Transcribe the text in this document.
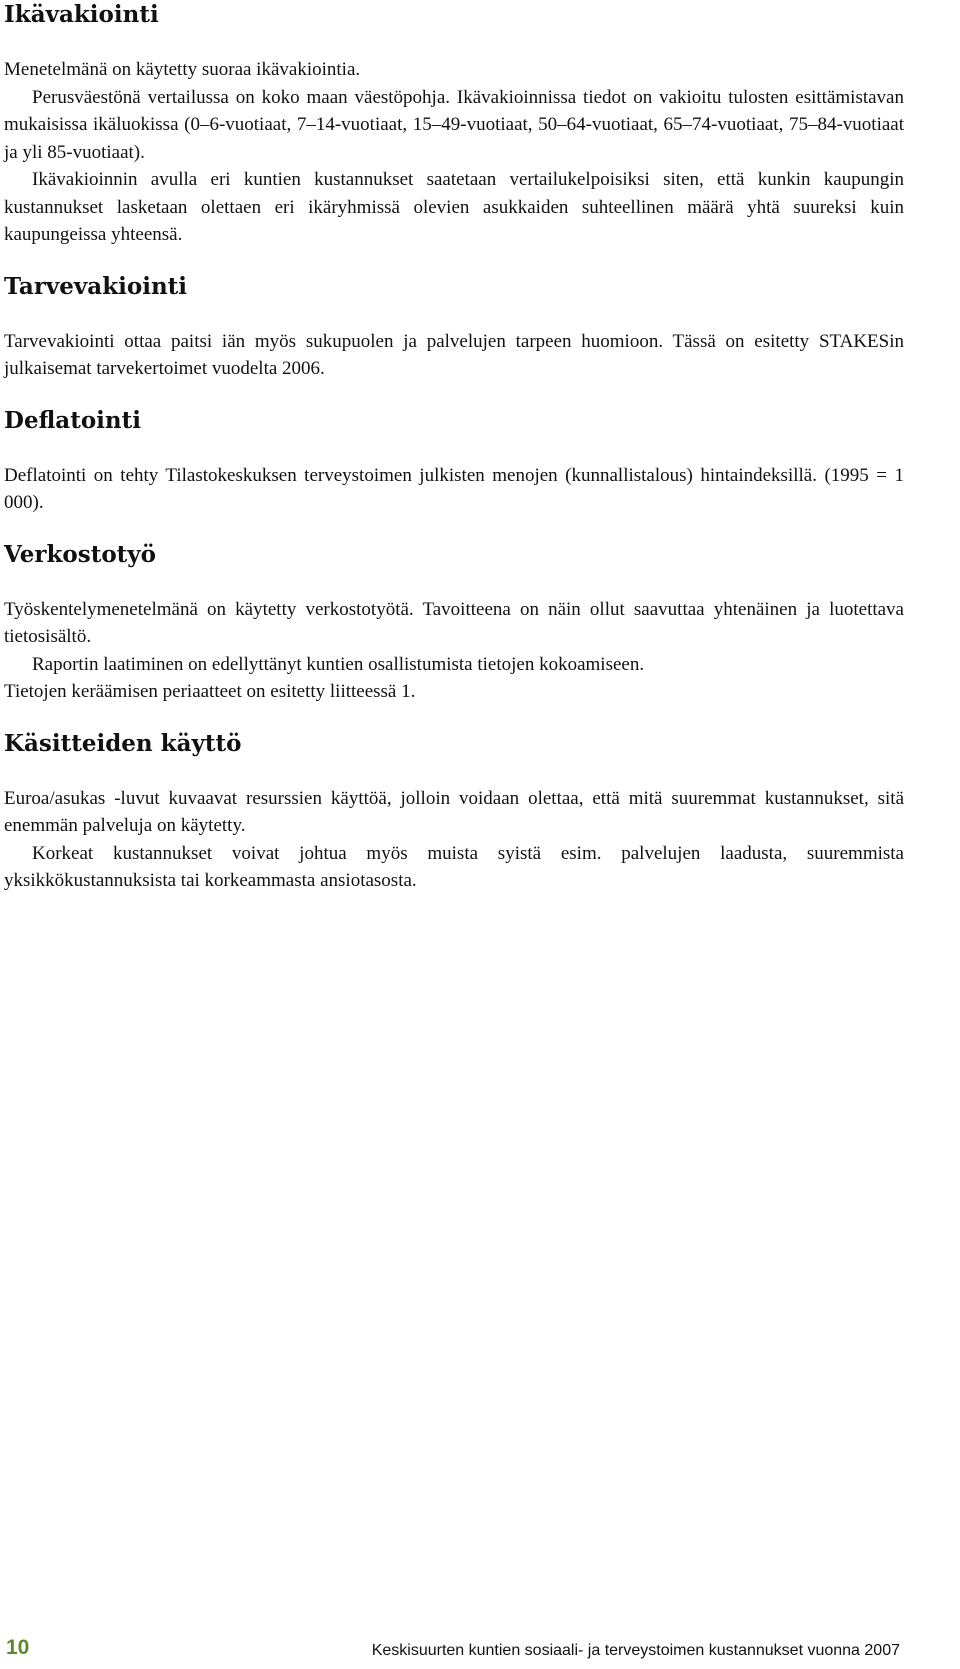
Ikävakiointi

Menetelmänä on käytetty suoraa ikävakiointia.

Perusväestönä vertailussa on koko maan väestöpohja. Ikävakioinnissa tiedot on vakioitu tulosten esittämistavan mukaisissa ikäluokissa (0–6-vuotiaat, 7–14-vuotiaat, 15–49-vuotiaat, 50–64-vuotiaat, 65–74-vuotiaat, 75–84-vuotiaat ja yli 85-vuotiaat).

Ikävakioinnin avulla eri kuntien kustannukset saatetaan vertailukelpoisiksi siten, että kunkin kaupungin kustannukset lasketaan olettaen eri ikäryhmissä olevien asukkaiden suhteellinen määrä yhtä suureksi kuin kaupungeissa yhteensä.

Tarvevakiointi

Tarvevakiointi ottaa paitsi iän myös sukupuolen ja palvelujen tarpeen huomioon. Tässä on esitetty STAKESin julkaisemat tarvekertoimet vuodelta 2006.

Deflatointi

Deflatointi on tehty Tilastokeskuksen terveystoimen julkisten menojen (kunnallistalous) hintaindeksillä. (1995 = 1 000).

Verkostotyö

Työskentelymenetelmänä on käytetty verkostotyötä. Tavoitteena on näin ollut saavuttaa yhtenäinen ja luotettava tietosisältö.

Raportin laatiminen on edellyttänyt kuntien osallistumista tietojen kokoamiseen.

Tietojen keräämisen periaatteet on esitetty liitteessä 1.

Käsitteiden käyttö

Euroa/asukas -luvut kuvaavat resurssien käyttöä, jolloin voidaan olettaa, että mitä suuremmat kustannukset, sitä enemmän palveluja on käytetty.

Korkeat kustannukset voivat johtua myös muista syistä esim. palvelujen laadusta, suuremmista yksikkökustannuksista tai korkeammasta ansiotasosta.

10	Keskisuurten kuntien sosiaali- ja terveystoimen kustannukset vuonna 2007
